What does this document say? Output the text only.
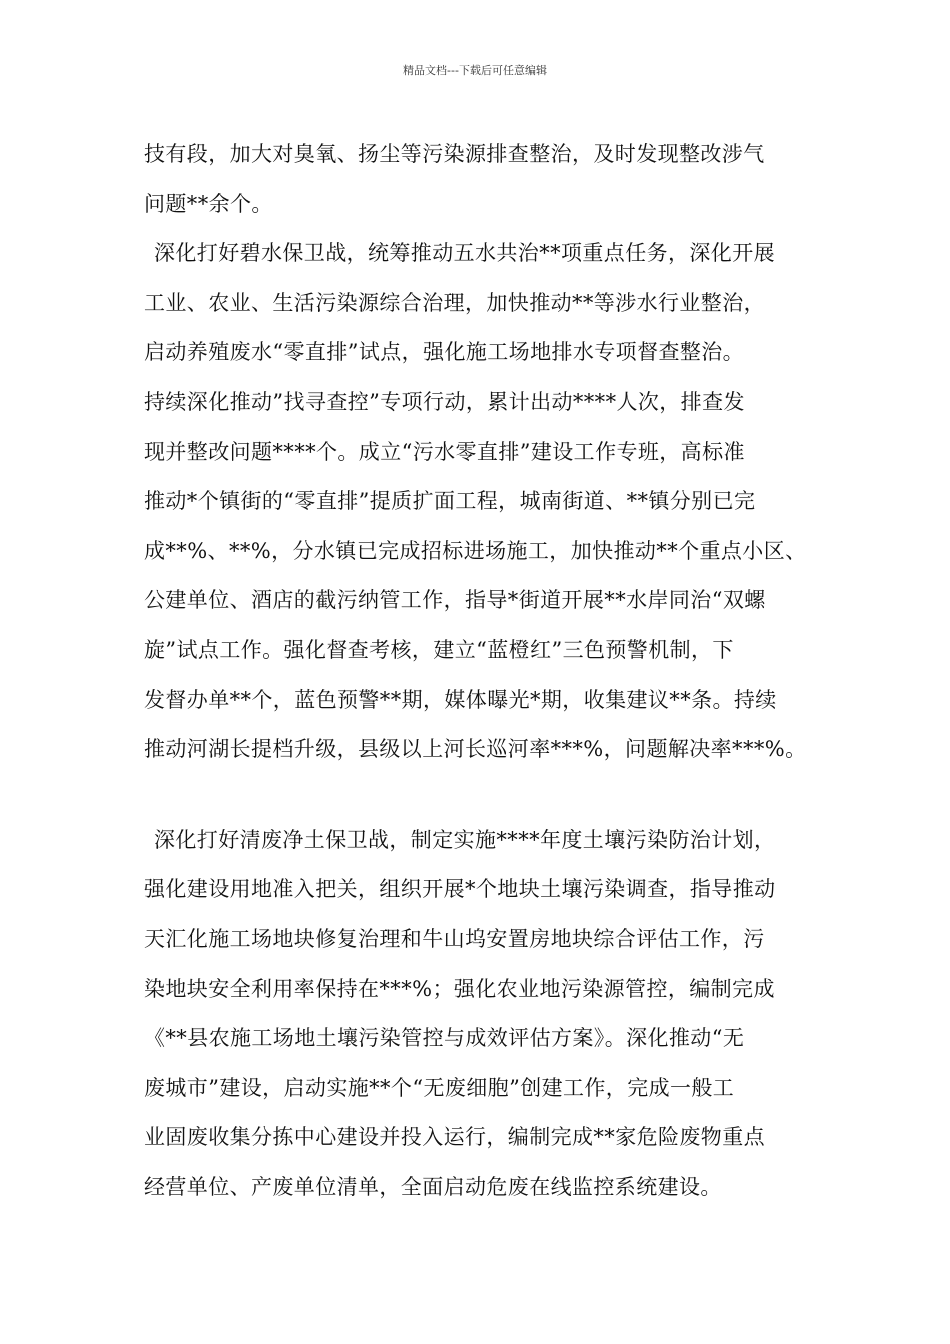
精品文档---下载后可任意编辑
技有段，加大对臭氧、扬尘等污染源排查整治，及时发现整改涉气
问题**余个。
深化打好碧水保卫战，统筹推动五水共治**项重点任务，深化开展
工业、农业、生活污染源综合治理，加快推动**等涉水行业整治，
启动养殖废水“零直排”试点，强化施工场地排水专项督查整治。
持续深化推动”找寻查控”专项行动，累计出动****人次，排查发
现并整改问题****个。成立“污水零直排”建设工作专班，高标准
推动*个镇街的“零直排”提质扩面工程，城南街道、**镇分别已完
成**%、**%，分水镇已完成招标进场施工，加快推动**个重点小区、
公建单位、酒店的截污纳管工作，指导*街道开展**水岸同治“双螺
旋”试点工作。强化督查考核，建立“蓝橙红”三色预警机制，下
发督办单**个，蓝色预警**期，媒体曝光*期，收集建议**条。持续
推动河湖长提档升级，县级以上河长巡河率***%，问题解决率***%。
深化打好清废净土保卫战，制定实施****年度土壤污染防治计划，
强化建设用地准入把关，组织开展*个地块土壤污染调查，指导推动
天汇化施工场地块修复治理和牛山坞安置房地块综合评估工作，污
染地块安全利用率保持在***%；强化农业地污染源管控，编制完成
《**县农施工场地土壤污染管控与成效评估方案》。深化推动“无
废城市”建设，启动实施**个“无废细胞”创建工作，完成一般工
业固废收集分拣中心建设并投入运行，编制完成**家危险废物重点
经营单位、产废单位清单，全面启动危废在线监控系统建设。
